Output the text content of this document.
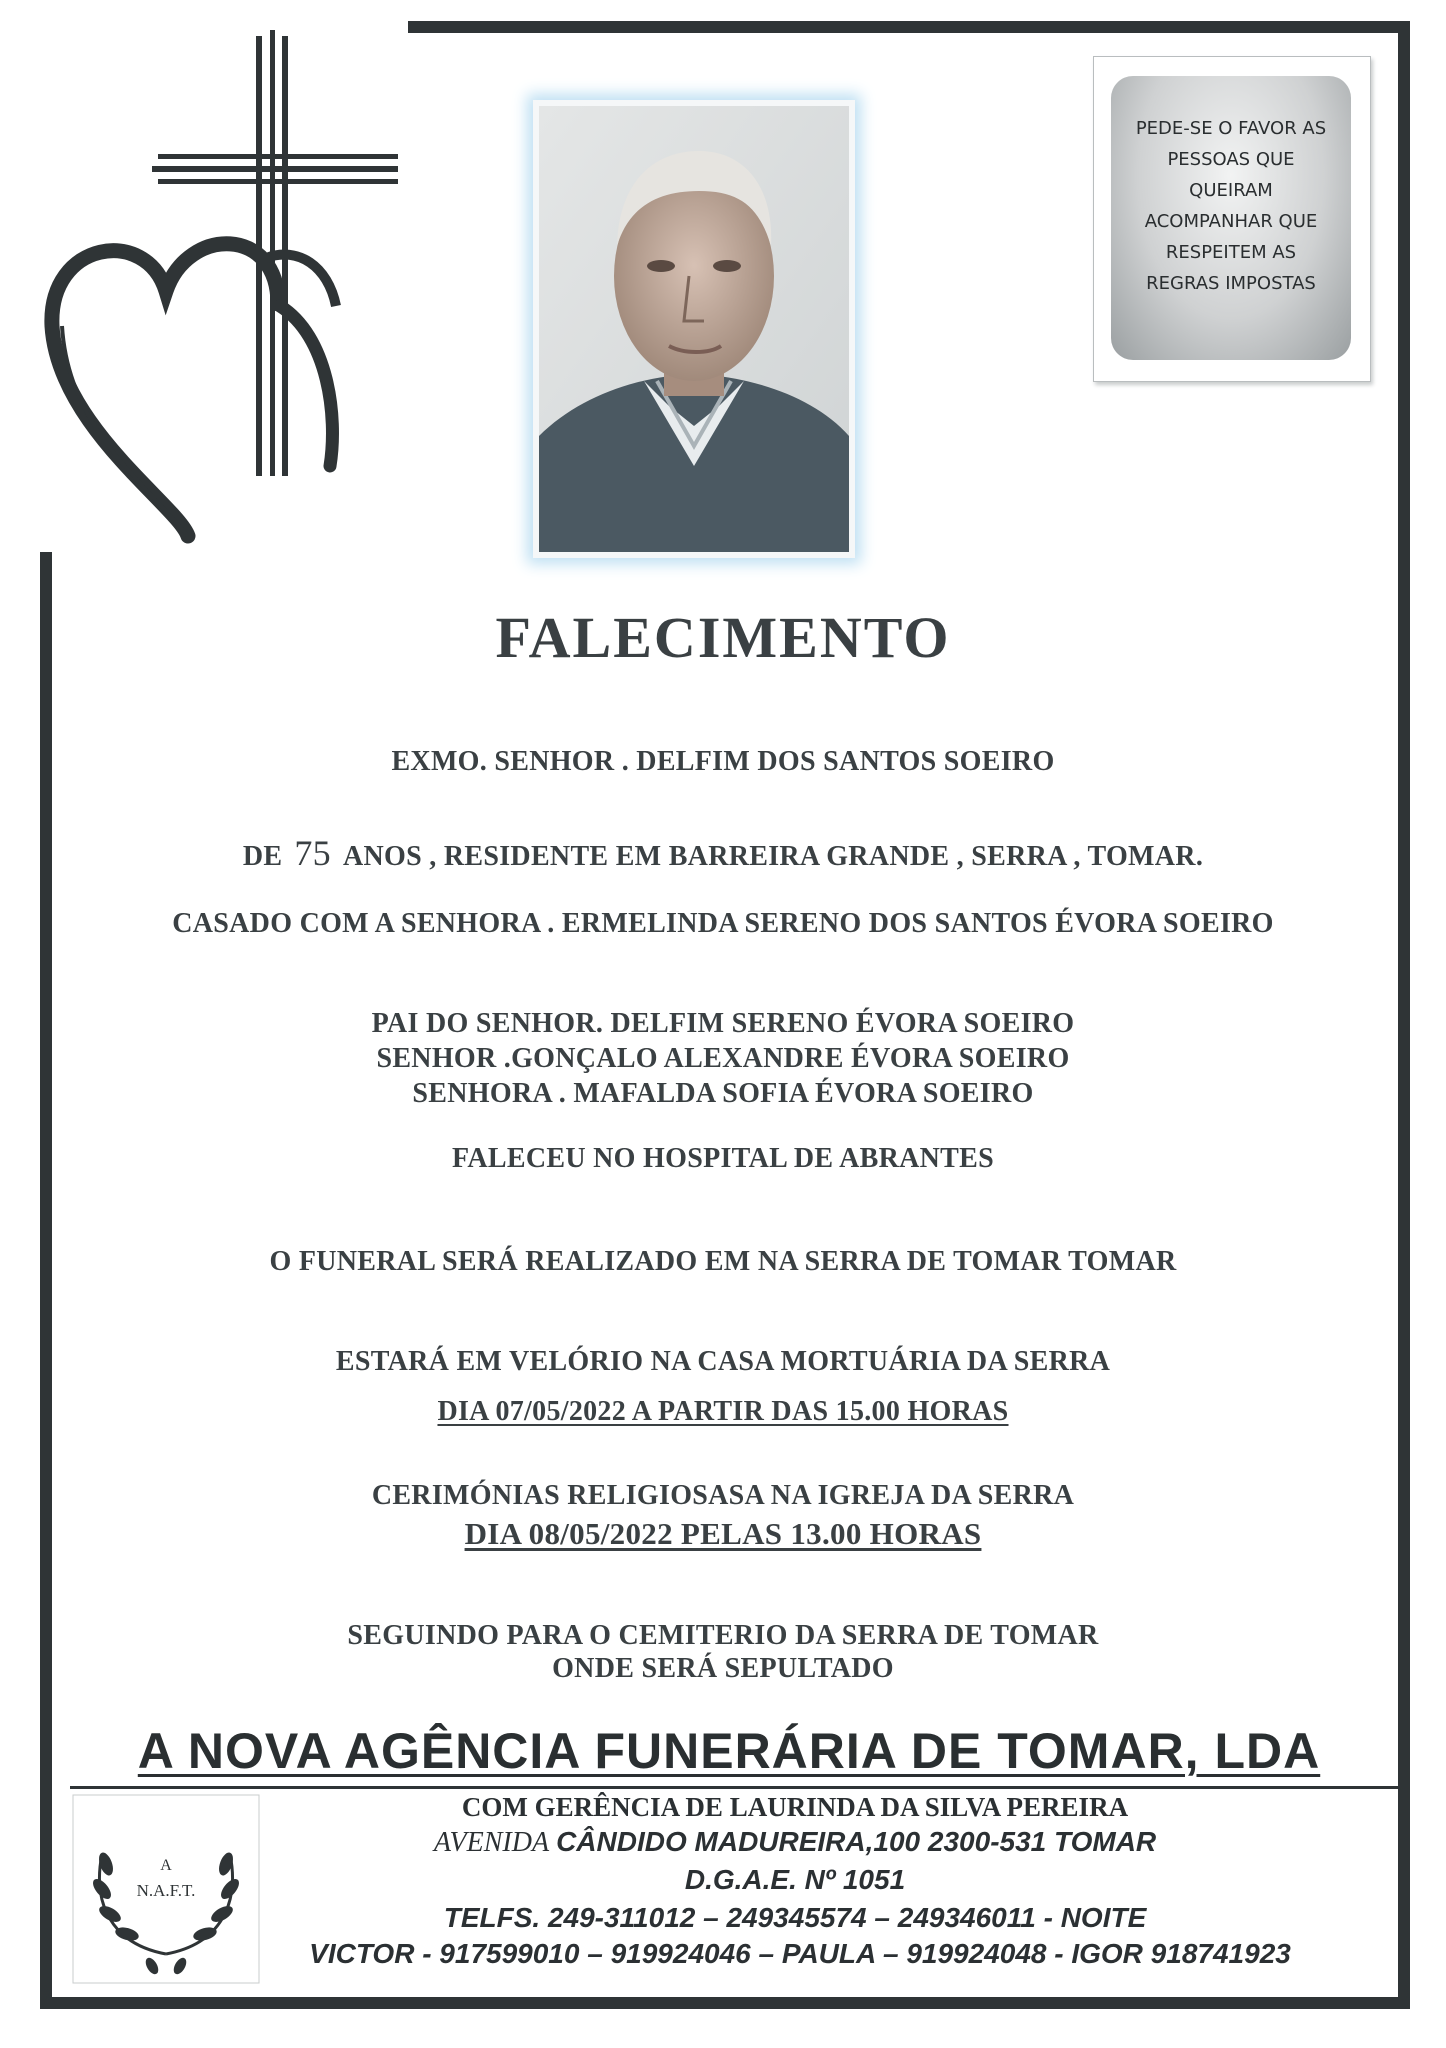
PEDE-SE O FAVOR AS
PESSOAS QUE
QUEIRAM
ACOMPANHAR QUE
RESPEITEM AS
REGRAS IMPOSTAS
FALECIMENTO
EXMO. SENHOR . DELFIM DOS SANTOS SOEIRO
DE 75 ANOS , RESIDENTE EM BARREIRA GRANDE , SERRA , TOMAR.
CASADO COM A SENHORA . ERMELINDA SERENO DOS SANTOS ÉVORA SOEIRO
PAI DO SENHOR. DELFIM SERENO ÉVORA SOEIRO
SENHOR .GONÇALO ALEXANDRE ÉVORA SOEIRO
SENHORA . MAFALDA SOFIA ÉVORA SOEIRO
FALECEU NO HOSPITAL DE ABRANTES
O FUNERAL SERÁ REALIZADO EM NA SERRA DE TOMAR TOMAR
ESTARÁ EM VELÓRIO NA CASA MORTUÁRIA DA SERRA
DIA 07/05/2022 A PARTIR DAS 15.00 HORAS
CERIMÓNIAS RELIGIOSASA NA IGREJA DA SERRA
DIA 08/05/2022 PELAS 13.00 HORAS
SEGUINDO PARA O CEMITERIO DA SERRA DE TOMAR
ONDE SERÁ SEPULTADO
A NOVA AGÊNCIA FUNERÁRIA DE TOMAR, LDA
A
N.A.F.T.
COM GERÊNCIA DE LAURINDA DA SILVA PEREIRA
AVENIDA CÂNDIDO MADUREIRA,100 2300-531 TOMAR
D.G.A.E. Nº 1051
TELFS. 249-311012 – 249345574 – 249346011 - NOITE
VICTOR - 917599010 – 919924046 – PAULA – 919924048 - IGOR 918741923
